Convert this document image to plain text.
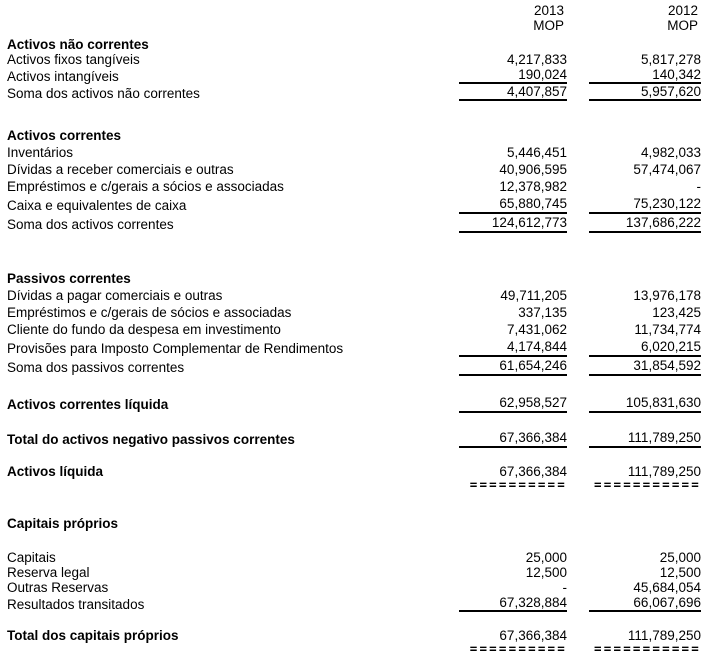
2013	2012
MOP	MOP
Activos não correntes
Activos fixos tangíveis	4,217,833	5,817,278
Activos intangíveis	190,024	140,342
Soma dos activos não correntes	4,407,857	5,957,620
Activos correntes
Inventários	5,446,451	4,982,033
Dívidas a receber comerciais e outras	40,906,595	57,474,067
Empréstimos e c/gerais a sócios e associadas	12,378,982	-
Caixa e equivalentes de caixa	65,880,745	75,230,122
Soma dos activos correntes	124,612,773	137,686,222
Passivos correntes
Dívidas a pagar comerciais e outras	49,711,205	13,976,178
Empréstimos e c/gerais de sócios e associadas	337,135	123,425
Cliente do fundo da despesa em investimento	7,431,062	11,734,774
Provisões para Imposto Complementar de Rendimentos	4,174,844	6,020,215
Soma dos passivos correntes	61,654,246	31,854,592
Activos correntes líquida	62,958,527	105,831,630
Total do activos negativo passivos correntes	67,366,384	111,789,250
Activos líquida	67,366,384	111,789,250
==========	===========
Capitais próprios
Capitais	25,000	25,000
Reserva legal	12,500	12,500
Outras Reservas	-	45,684,054
Resultados transitados	67,328,884	66,067,696
Total dos capitais próprios	67,366,384	111,789,250
==========	===========
